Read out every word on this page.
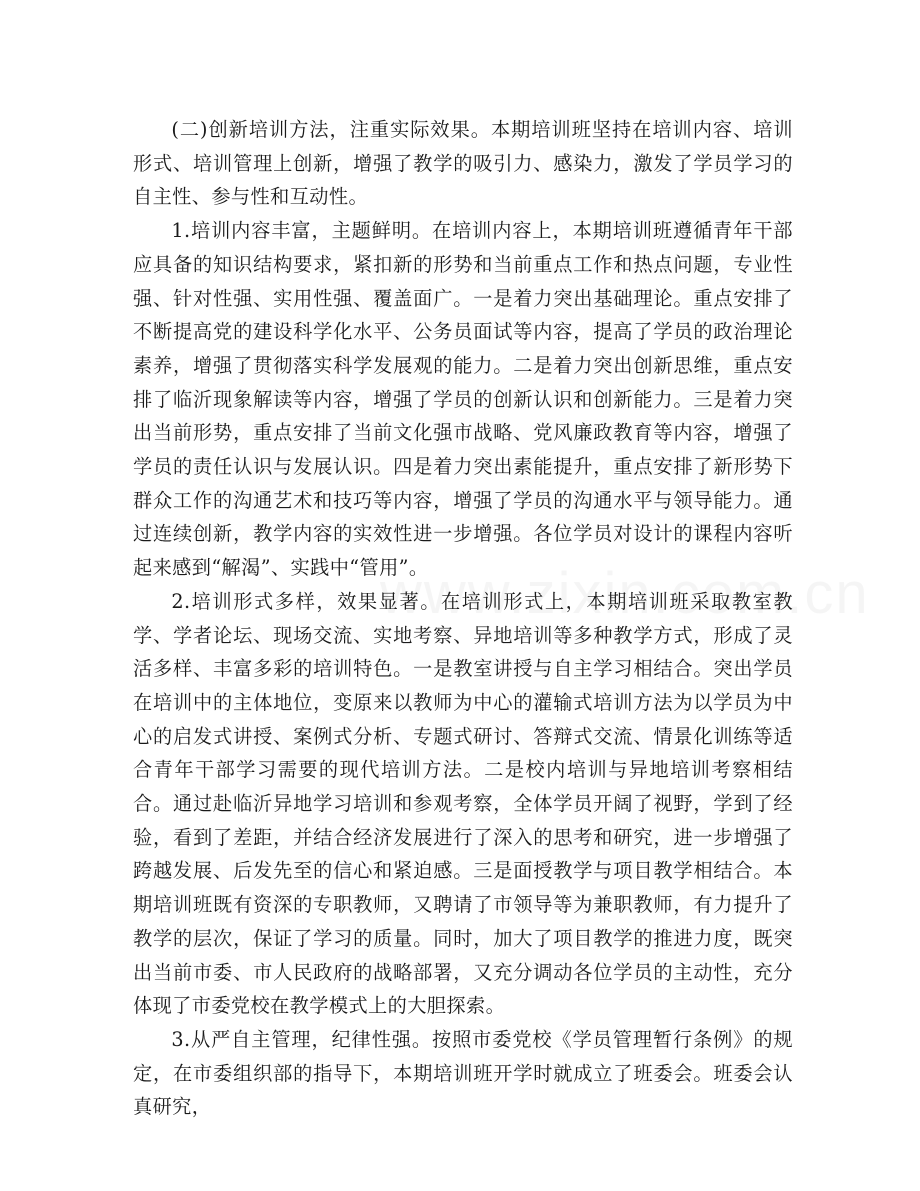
(二)创新培训方法，注重实际效果。本期培训班坚持在培训内容、培训形式、培训管理上创新，增强了教学的吸引力、感染力，激发了学员学习的自主性、参与性和互动性。

1.培训内容丰富，主题鲜明。在培训内容上，本期培训班遵循青年干部应具备的知识结构要求，紧扣新的形势和当前重点工作和热点问题，专业性强、针对性强、实用性强、覆盖面广。一是着力突出基础理论。重点安排了不断提高党的建设科学化水平、公务员面试等内容，提高了学员的政治理论素养，增强了贯彻落实科学发展观的能力。二是着力突出创新思维，重点安排了临沂现象解读等内容，增强了学员的创新认识和创新能力。三是着力突出当前形势，重点安排了当前文化强市战略、党风廉政教育等内容，增强了学员的责任认识与发展认识。四是着力突出素能提升，重点安排了新形势下群众工作的沟通艺术和技巧等内容，增强了学员的沟通水平与领导能力。通过连续创新，教学内容的实效性进一步增强。各位学员对设计的课程内容听起来感到“解渴”、实践中“管用”。

2.培训形式多样，效果显著。在培训形式上，本期培训班采取教室教学、学者论坛、现场交流、实地考察、异地培训等多种教学方式，形成了灵活多样、丰富多彩的培训特色。一是教室讲授与自主学习相结合。突出学员在培训中的主体地位，变原来以教师为中心的灌输式培训方法为以学员为中心的启发式讲授、案例式分析、专题式研讨、答辩式交流、情景化训练等适合青年干部学习需要的现代培训方法。二是校内培训与异地培训考察相结合。通过赴临沂异地学习培训和参观考察，全体学员开阔了视野，学到了经验，看到了差距，并结合经济发展进行了深入的思考和研究，进一步增强了跨越发展、后发先至的信心和紧迫感。三是面授教学与项目教学相结合。本期培训班既有资深的专职教师，又聘请了市领导等为兼职教师，有力提升了教学的层次，保证了学习的质量。同时，加大了项目教学的推进力度，既突出当前市委、市人民政府的战略部署，又充分调动各位学员的主动性，充分体现了市委党校在教学模式上的大胆探索。

3.从严自主管理，纪律性强。按照市委党校《学员管理暂行条例》的规定，在市委组织部的指导下，本期培训班开学时就成立了班委会。班委会认真研究，
